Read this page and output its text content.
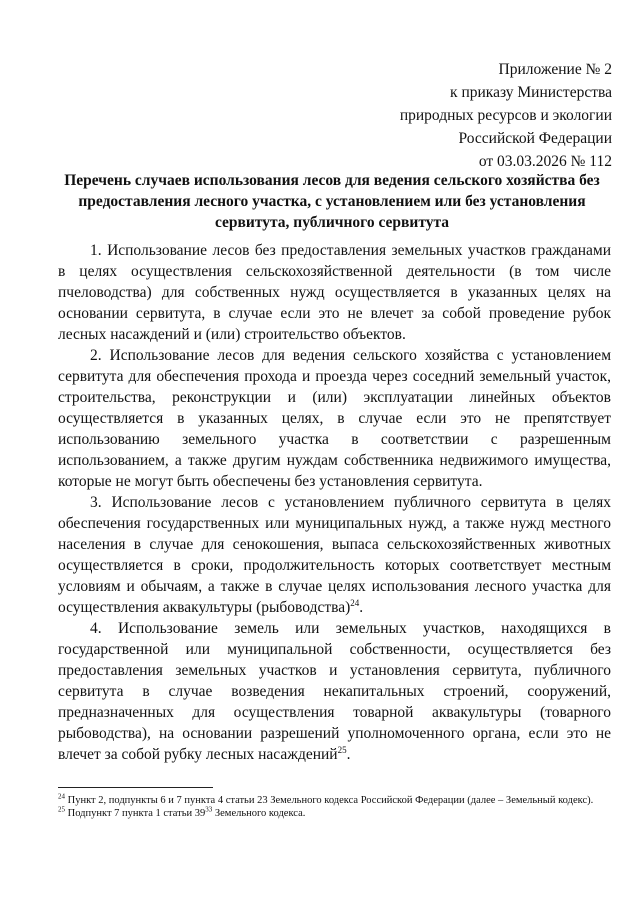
Приложение № 2
к приказу Министерства
природных ресурсов и экологии
Российской Федерации
от 03.03.2026 № 112
Перечень случаев использования лесов для ведения сельского хозяйства без предоставления лесного участка, с установлением или без установления сервитута, публичного сервитута

1. Использование лесов без предоставления земельных участков гражданами в целях осуществления сельскохозяйственной деятельности (в том числе пчеловодства) для собственных нужд осуществляется в указанных целях на основании сервитута, в случае если это не влечет за собой проведение рубок лесных насаждений и (или) строительство объектов.

2. Использование лесов для ведения сельского хозяйства с установлением сервитута для обеспечения прохода и проезда через соседний земельный участок, строительства, реконструкции и (или) эксплуатации линейных объектов осуществляется в указанных целях, в случае если это не препятствует использованию земельного участка в соответствии с разрешенным использованием, а также другим нуждам собственника недвижимого имущества, которые не могут быть обеспечены без установления сервитута.

3. Использование лесов с установлением публичного сервитута в целях обеспечения государственных или муниципальных нужд, а также нужд местного населения в случае для сенокошения, выпаса сельскохозяйственных животных осуществляется в сроки, продолжительность которых соответствует местным условиям и обычаям, а также в случае целях использования лесного участка для осуществления аквакультуры (рыбоводства)$^{24}$.

4. Использование земель или земельных участков, находящихся в государственной или муниципальной собственности, осуществляется без предоставления земельных участков и установления сервитута, публичного сервитута в случае возведения некапитальных строений, сооружений, предназначенных для осуществления товарной аквакультуры (товарного рыбоводства), на основании разрешений уполномоченного органа, если это не влечет за собой рубку лесных насаждений$^{25}$.

$^{24}$ Пункт 2, подпункты 6 и 7 пункта 4 статьи 23 Земельного кодекса Российской Федерации (далее – Земельный кодекс).

$^{25}$ Подпункт 7 пункта 1 статьи 39$^{33}$ Земельного кодекса.
